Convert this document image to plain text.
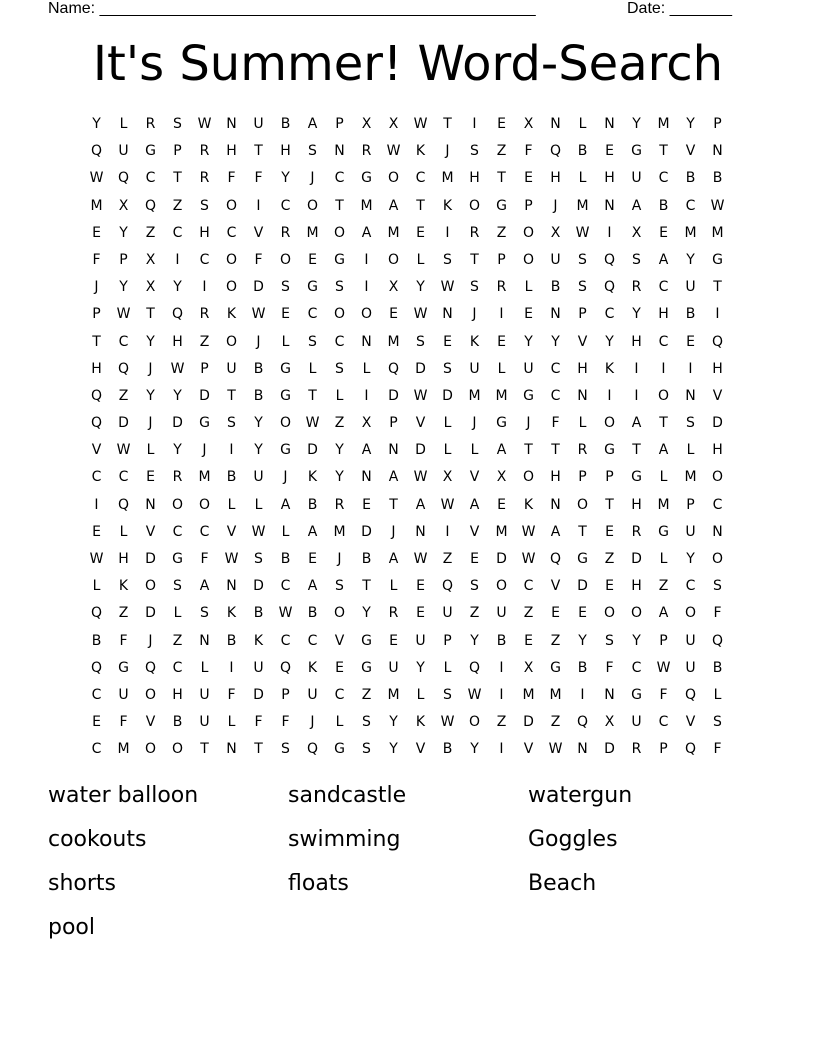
Name: _________________________________________________	Date: _______
It's Summer! Word-Search
Y	L	R	S	W	N	U	B	A	P	X	X	W	T	I	E	X	N	L	N	Y	M	Y	P
Q	U	G	P	R	H	T	H	S	N	R	W	K	J	S	Z	F	Q	B	E	G	T	V	N
W	Q	C	T	R	F	F	Y	J	C	G	O	C	M	H	T	E	H	L	H	U	C	B	B
M	X	Q	Z	S	O	I	C	O	T	M	A	T	K	O	G	P	J	M	N	A	B	C	W
E	Y	Z	C	H	C	V	R	M	O	A	M	E	I	R	Z	O	X	W	I	X	E	M	M
F	P	X	I	C	O	F	O	E	G	I	O	L	S	T	P	O	U	S	Q	S	A	Y	G
J	Y	X	Y	I	O	D	S	G	S	I	X	Y	W	S	R	L	B	S	Q	R	C	U	T
P	W	T	Q	R	K	W	E	C	O	O	E	W	N	J	I	E	N	P	C	Y	H	B	I
T	C	Y	H	Z	O	J	L	S	C	N	M	S	E	K	E	Y	Y	V	Y	H	C	E	Q
H	Q	J	W	P	U	B	G	L	S	L	Q	D	S	U	L	U	C	H	K	I	I	I	H
Q	Z	Y	Y	D	T	B	G	T	L	I	D	W	D	M	M	G	C	N	I	I	O	N	V
Q	D	J	D	G	S	Y	O	W	Z	X	P	V	L	J	G	J	F	L	O	A	T	S	D
V	W	L	Y	J	I	Y	G	D	Y	A	N	D	L	L	A	T	T	R	G	T	A	L	H
C	C	E	R	M	B	U	J	K	Y	N	A	W	X	V	X	O	H	P	P	G	L	M	O
I	Q	N	O	O	L	L	A	B	R	E	T	A	W	A	E	K	N	O	T	H	M	P	C
E	L	V	C	C	V	W	L	A	M	D	J	N	I	V	M	W	A	T	E	R	G	U	N
W	H	D	G	F	W	S	B	E	J	B	A	W	Z	E	D	W	Q	G	Z	D	L	Y	O
L	K	O	S	A	N	D	C	A	S	T	L	E	Q	S	O	C	V	D	E	H	Z	C	S
Q	Z	D	L	S	K	B	W	B	O	Y	R	E	U	Z	U	Z	E	E	O	O	A	O	F
B	F	J	Z	N	B	K	C	C	V	G	E	U	P	Y	B	E	Z	Y	S	Y	P	U	Q
Q	G	Q	C	L	I	U	Q	K	E	G	U	Y	L	Q	I	X	G	B	F	C	W	U	B
C	U	O	H	U	F	D	P	U	C	Z	M	L	S	W	I	M	M	I	N	G	F	Q	L
E	F	V	B	U	L	F	F	J	L	S	Y	K	W	O	Z	D	Z	Q	X	U	C	V	S
C	M	O	O	T	N	T	S	Q	G	S	Y	V	B	Y	I	V	W	N	D	R	P	Q	F
water balloon	sandcastle	watergun
cookouts	swimming	Goggles
shorts	floats	Beach
pool
